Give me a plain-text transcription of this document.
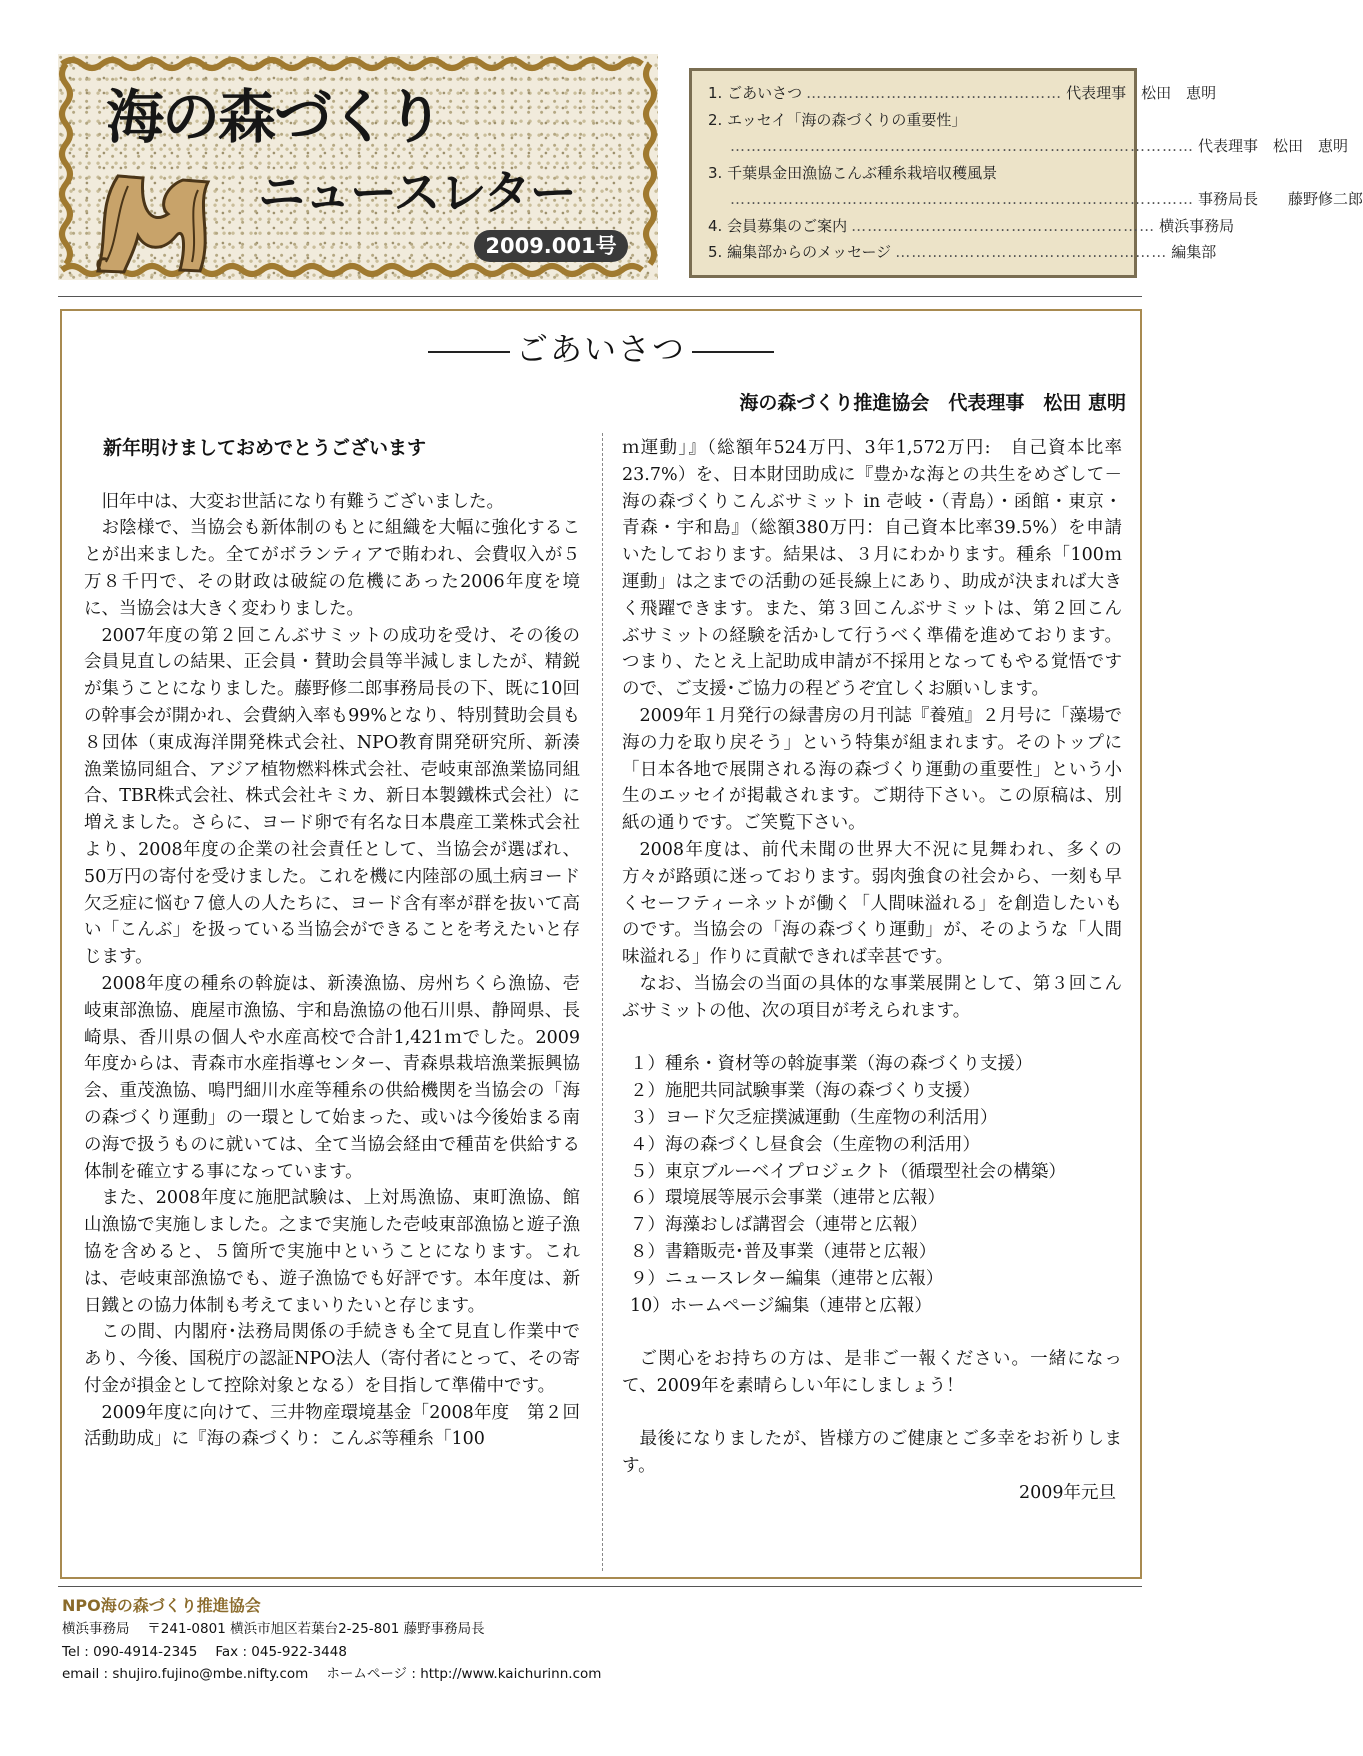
海の森づくり
ニュースレター
2009.001号
1. ごあいさつ ………………………………………… 代表理事　松田　恵明
2. エッセイ「海の森づくりの重要性」
…………………………………………………………………………… 代表理事　松田　恵明
3. 千葉県金田漁協こんぶ種糸栽培収穫風景
…………………………………………………………………………… 事務局長　　藤野修二郎
4. 会員募集のご案内 ………………………………………………… 横浜事務局
5. 編集部からのメッセージ …………………………………………… 編集部
ごあいさつ
海の森づくり推進協会　代表理事　松田 恵明

新年明けましておめでとうございます

旧年中は、大変お世話になり有難うございました。

お陰様で、当協会も新体制のもとに組織を大幅に強化することが出来ました。全てがボランティアで賄われ、会費収入が５万８千円で、その財政は破綻の危機にあった2006年度を境に、当協会は大きく変わりました。

2007年度の第２回こんぶサミットの成功を受け、その後の会員見直しの結果、正会員・賛助会員等半減しましたが、精鋭が集うことになりました。藤野修二郎事務局長の下、既に10回の幹事会が開かれ、会費納入率も99%となり、特別賛助会員も８団体（東成海洋開発株式会社、NPO教育開発研究所、新湊漁業協同組合、アジア植物燃料株式会社、壱岐東部漁業協同組合、TBR株式会社、株式会社キミカ、新日本製鐵株式会社）に増えました。さらに、ヨード卵で有名な日本農産工業株式会社より、2008年度の企業の社会責任として、当協会が選ばれ、50万円の寄付を受けました。これを機に内陸部の風土病ヨード欠乏症に悩む７億人の人たちに、ヨード含有率が群を抜いて高い「こんぶ」を扱っている当協会ができることを考えたいと存じます。

2008年度の種糸の斡旋は、新湊漁協、房州ちくら漁協、壱岐東部漁協、鹿屋市漁協、宇和島漁協の他石川県、静岡県、長崎県、香川県の個人や水産高校で合計1,421ｍでした。2009年度からは、青森市水産指導センター、青森県栽培漁業振興協会、重茂漁協、鳴門細川水産等種糸の供給機関を当協会の「海の森づくり運動」の一環として始まった、或いは今後始まる南の海で扱うものに就いては、全て当協会経由で種苗を供給する体制を確立する事になっています。

また、2008年度に施肥試験は、上対馬漁協、東町漁協、館山漁協で実施しました。之まで実施した壱岐東部漁協と遊子漁協を含めると、５箇所で実施中ということになります。これは、壱岐東部漁協でも、遊子漁協でも好評です。本年度は、新日鐵との協力体制も考えてまいりたいと存じます。

この間、内閣府･法務局関係の手続きも全て見直し作業中であり、今後、国税庁の認証NPO法人（寄付者にとって、その寄付金が損金として控除対象となる）を目指して準備中です。

2009年度に向けて、三井物産環境基金「2008年度　第２回　活動助成」に『海の森づくり：こんぶ等種糸「100

ｍ運動」』（総額年524万円、3年1,572万円:　自己資本比率23.7%）を、日本財団助成に『豊かな海との共生をめざして－海の森づくりこんぶサミット in 壱岐・（青島）・函館・東京・青森・宇和島』（総額380万円：自己資本比率39.5%）を申請いたしております。結果は、３月にわかります。種糸「100ｍ運動」は之までの活動の延長線上にあり、助成が決まれば大きく飛躍できます。また、第３回こんぶサミットは、第２回こんぶサミットの経験を活かして行うべく準備を進めております。つまり、たとえ上記助成申請が不採用となってもやる覚悟ですので、ご支援･ご協力の程どうぞ宜しくお願いします。

2009年１月発行の緑書房の月刊誌『養殖』２月号に「藻場で海の力を取り戻そう」という特集が組まれます。そのトップに「日本各地で展開される海の森づくり運動の重要性」という小生のエッセイが掲載されます。ご期待下さい。この原稿は、別紙の通りです。ご笑覧下さい。

2008年度は、前代未聞の世界大不況に見舞われ、多くの方々が路頭に迷っております。弱肉強食の社会から、一刻も早くセーフティーネットが働く「人間味溢れる」を創造したいものです。当協会の「海の森づくり運動」が、そのような「人間味溢れる」作りに貢献できれば幸甚です。

なお、当協会の当面の具体的な事業展開として、第３回こんぶサミットの他、次の項目が考えられます。

１）種糸・資材等の斡旋事業（海の森づくり支援）
２）施肥共同試験事業（海の森づくり支援）
３）ヨード欠乏症撲滅運動（生産物の利活用）
４）海の森づくし昼食会（生産物の利活用）
５）東京ブルーベイプロジェクト（循環型社会の構築）
６）環境展等展示会事業（連帯と広報）
７）海藻おしば講習会（連帯と広報）
８）書籍販売･普及事業（連帯と広報）
９）ニュースレター編集（連帯と広報）
10）ホームページ編集（連帯と広報）

ご関心をお持ちの方は、是非ご一報ください。一緒になって、2009年を素晴らしい年にしましょう！

最後になりましたが、皆様方のご健康とご多幸をお祈りします。

2009年元旦
NPO海の森づくり推進協会
横浜事務局　 〒241-0801 横浜市旭区若葉台2-25-801 藤野事務局長
Tel : 090-4914-2345 Fax : 045-922-3448
email : shujiro.fujino@mbe.nifty.com ホームページ : http://www.kaichurinn.com
